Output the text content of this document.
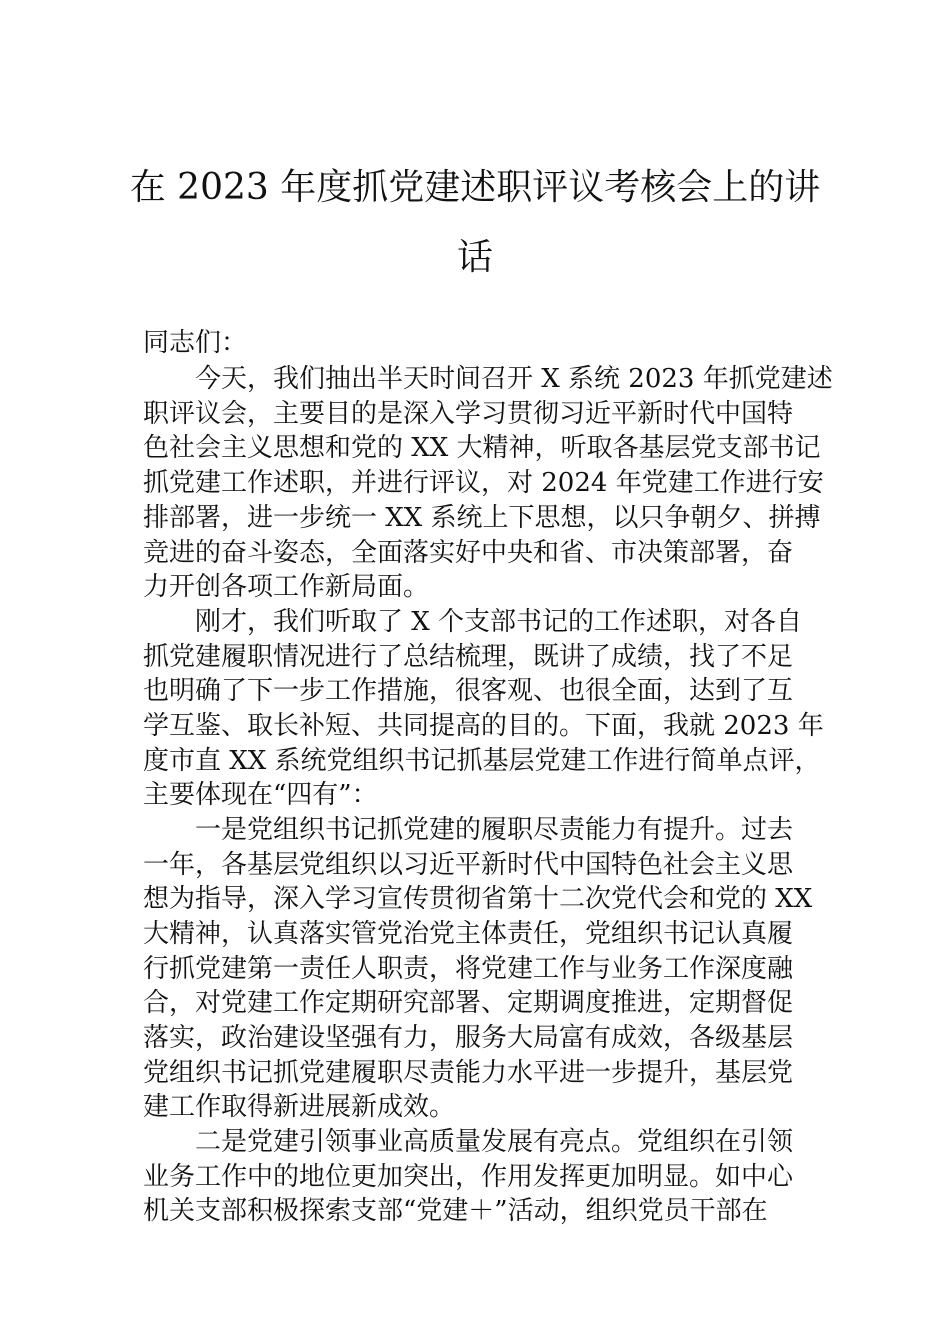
在 2023 年度抓党建述职评议考核会上的讲
话
同志们：
今天，我们抽出半天时间召开 X 系统 2023 年抓党建述
职评议会，主要目的是深入学习贯彻习近平新时代中国特
色社会主义思想和党的 XX 大精神，听取各基层党支部书记
抓党建工作述职，并进行评议，对 2024 年党建工作进行安
排部署，进一步统一 XX 系统上下思想，以只争朝夕、拼搏
竞进的奋斗姿态，全面落实好中央和省、市决策部署，奋
力开创各项工作新局面。
刚才，我们听取了 X 个支部书记的工作述职，对各自
抓党建履职情况进行了总结梳理，既讲了成绩，找了不足
也明确了下一步工作措施，很客观、也很全面，达到了互
学互鉴、取长补短、共同提高的目的。下面，我就 2023 年
度市直 XX 系统党组织书记抓基层党建工作进行简单点评，
主要体现在“四有”：
一是党组织书记抓党建的履职尽责能力有提升。过去
一年，各基层党组织以习近平新时代中国特色社会主义思
想为指导，深入学习宣传贯彻省第十二次党代会和党的 XX
大精神，认真落实管党治党主体责任，党组织书记认真履
行抓党建第一责任人职责，将党建工作与业务工作深度融
合，对党建工作定期研究部署、定期调度推进，定期督促
落实，政治建设坚强有力，服务大局富有成效，各级基层
党组织书记抓党建履职尽责能力水平进一步提升，基层党
建工作取得新进展新成效。
二是党建引领事业高质量发展有亮点。党组织在引领
业务工作中的地位更加突出，作用发挥更加明显。如中心
机关支部积极探索支部“党建＋”活动，组织党员干部在
